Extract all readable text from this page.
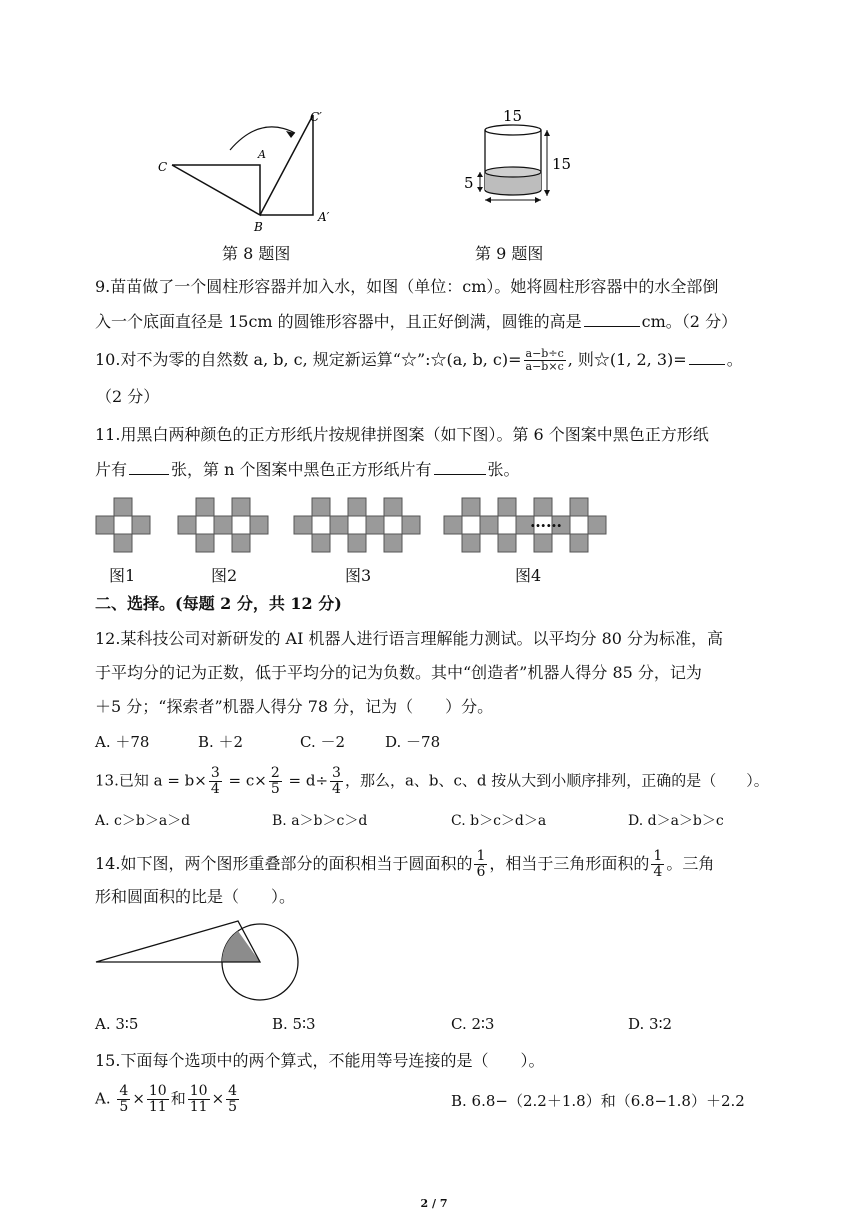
C
A
B
C′
A′
第 8 题图
15
15
5
第 9 题图
9.苗苗做了一个圆柱形容器并加入水，如图（单位：cm）。她将圆柱形容器中的水全部倒
入一个底面直径是 15cm 的圆锥形容器中，且正好倒满，圆锥的高是	cm。（2 分）
10.对不为零的自然数 a, b, c, 规定新运算“☆”:☆(a, b, $c)= \frac{a-b\div c}{a-b\times c}$ , 则☆(1, 2, 3)=	。
（2 分）
11.用黑白两种颜色的正方形纸片按规律拼图案（如下图）。第 6 个图案中黑色正方形纸
片有	张，第 n 个图案中黑色正方形纸片有	张。
……
图1	图2	图3	图4
二、选择。(每题 2 分，共 12 分)
12.某科技公司对新研发的 AI 机器人进行语言理解能力测试。以平均分 80 分为标准，高
于平均分的记为正数，低于平均分的记为负数。其中“创造者”机器人得分 85 分，记为
＋5 分；“探索者”机器人得分 78 分，记为（　　）分。
A. ＋78	B. ＋2	C. －2	D. －78
13.已知 $a = b\times \frac{3}{4} = c\times \frac{2}{5} = d\div \frac{3}{4}$ ，那么，a、b、c、d 按从大到小顺序排列，正确的是（　　）。
A. c＞b＞a＞d	B. a＞b＞c＞d	C. b＞c＞d＞a	D. d＞a＞b＞c
14.如下图，两个图形重叠部分的面积相当于圆面积的 $\frac{1}{6}$ ，相当于三角形面积的 $\frac{1}{4}$ 。三角
形和圆面积的比是（　　）。
A. 3∶5	B. 5∶3	C. 2∶3	D. 3∶2
15.下面每个选项中的两个算式，不能用等号连接的是（　　）。
A. $\frac{4}{5} \times \frac{10}{11}$ 和 $\frac{10}{11} \times \frac{4}{5}$	B. 6.8−（2.2＋1.8）和（6.8−1.8）＋2.2
2 / 7
